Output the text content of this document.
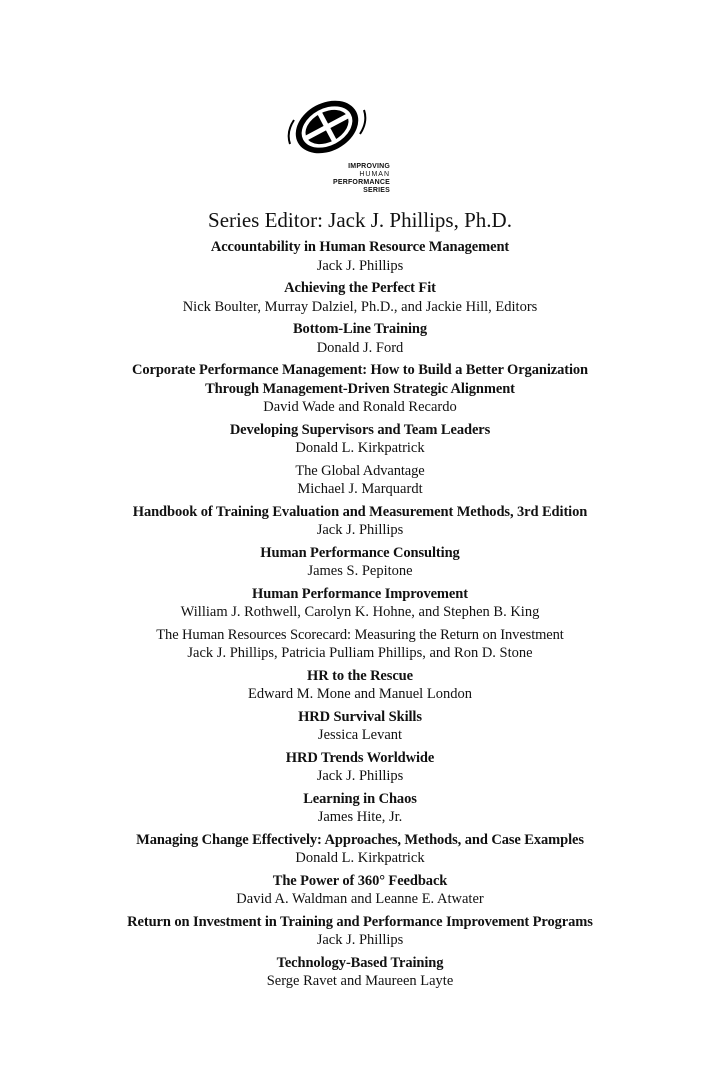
IMPROVING
HUMAN
PERFORMANCE
SERIES
Series Editor: Jack J. Phillips, Ph.D.
Accountability in Human Resource Management
Jack J. Phillips
Achieving the Perfect Fit
Nick Boulter, Murray Dalziel, Ph.D., and Jackie Hill, Editors
Bottom-Line Training
Donald J. Ford
Corporate Performance Management: How to Build a Better Organization
Through Management-Driven Strategic Alignment
David Wade and Ronald Recardo
Developing Supervisors and Team Leaders
Donald L. Kirkpatrick
The Global Advantage
Michael J. Marquardt
Handbook of Training Evaluation and Measurement Methods, 3rd Edition
Jack J. Phillips
Human Performance Consulting
James S. Pepitone
Human Performance Improvement
William J. Rothwell, Carolyn K. Hohne, and Stephen B. King
The Human Resources Scorecard: Measuring the Return on Investment
Jack J. Phillips, Patricia Pulliam Phillips, and Ron D. Stone
HR to the Rescue
Edward M. Mone and Manuel London
HRD Survival Skills
Jessica Levant
HRD Trends Worldwide
Jack J. Phillips
Learning in Chaos
James Hite, Jr.
Managing Change Effectively: Approaches, Methods, and Case Examples
Donald L. Kirkpatrick
The Power of 360° Feedback
David A. Waldman and Leanne E. Atwater
Return on Investment in Training and Performance Improvement Programs
Jack J. Phillips
Technology-Based Training
Serge Ravet and Maureen Layte
